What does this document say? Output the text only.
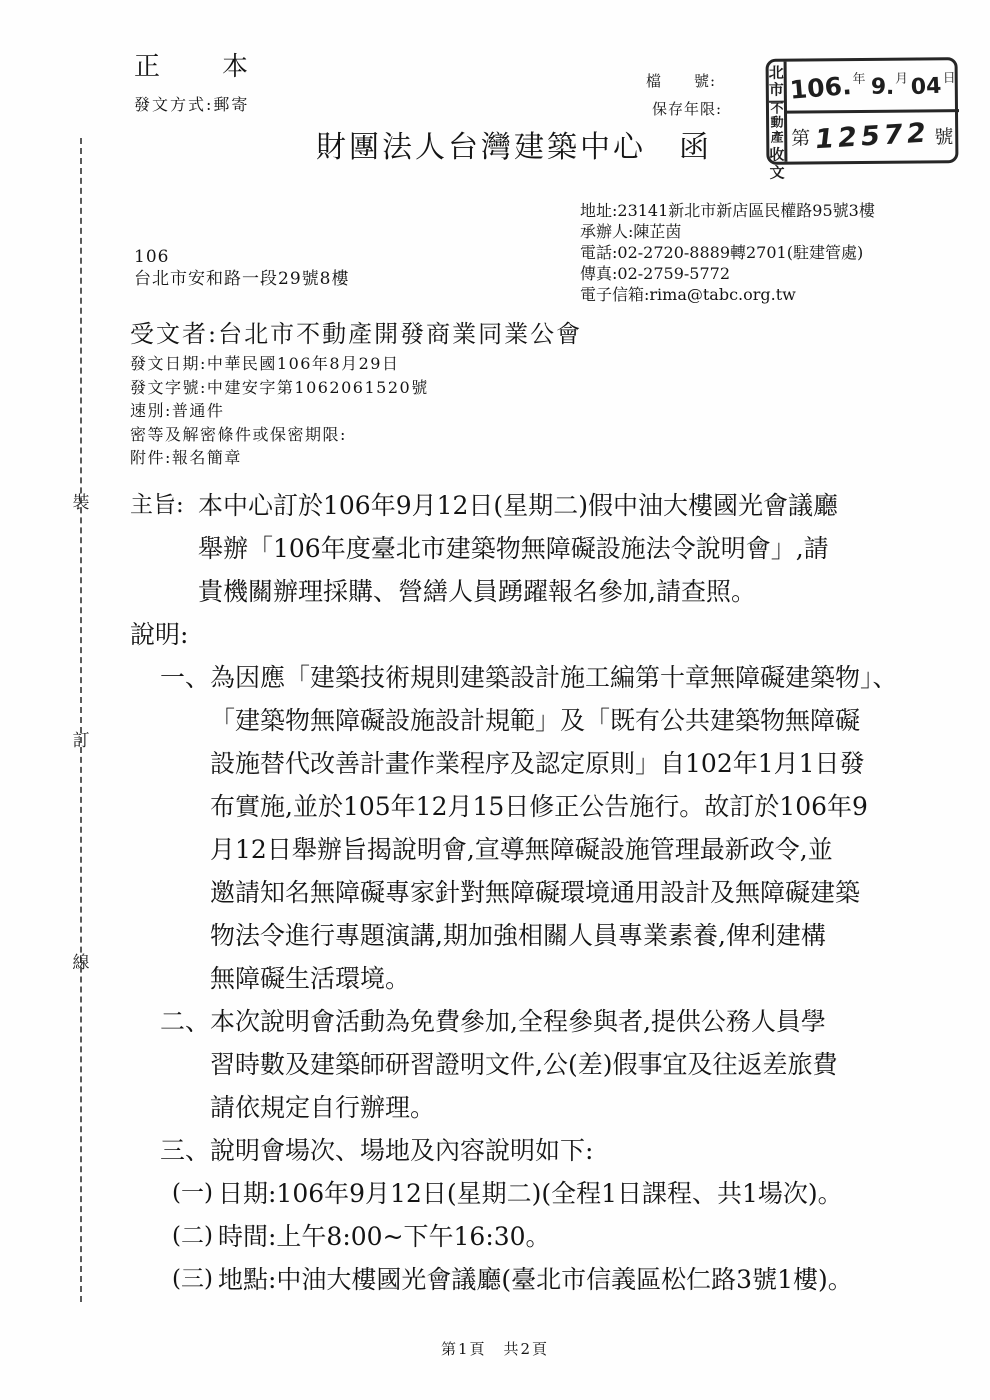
裝
訂
線
正　本
發文方式:郵寄
財團法人台灣建築中心　函
檔　　號:
保存年限:
北市
不動產
收文
106. 年 9. 月 04 日
第 12572 號
地址:23141新北市新店區民權路95號3樓
承辦人:陳芷茵
電話:02-2720-8889轉2701(駐建管處)
傳真:02-2759-5772
電子信箱:rima@tabc.org.tw
106
台北市安和路一段29號8樓
受文者:台北市不動產開發商業同業公會
發文日期:中華民國106年8月29日
發文字號:中建安字第1062061520號
速別:普通件
密等及解密條件或保密期限:
附件:報名簡章
主旨: 本中心訂於106年9月12日(星期二)假中油大樓國光會議廳
舉辦「106年度臺北市建築物無障礙設施法令說明會」,請
貴機關辦理採購、營繕人員踴躍報名參加,請查照。
說明:
一、 為因應「建築技術規則建築設計施工編第十章無障礙建築物」、
「建築物無障礙設施設計規範」及「既有公共建築物無障礙
設施替代改善計畫作業程序及認定原則」自102年1月1日發
布實施,並於105年12月15日修正公告施行。故訂於106年9
月12日舉辦旨揭說明會,宣導無障礙設施管理最新政令,並
邀請知名無障礙專家針對無障礙環境通用設計及無障礙建築
物法令進行專題演講,期加強相關人員專業素養,俾利建構
無障礙生活環境。
二、 本次說明會活動為免費參加,全程參與者,提供公務人員學
習時數及建築師研習證明文件,公(差)假事宜及往返差旅費
請依規定自行辦理。
三、 說明會場次、場地及內容說明如下:
(一) 日期:106年9月12日(星期二)(全程1日課程、共1場次)。
(二) 時間:上午8:00~下午16:30。
(三) 地點:中油大樓國光會議廳(臺北市信義區松仁路3號1樓)。
第1頁　共2頁
